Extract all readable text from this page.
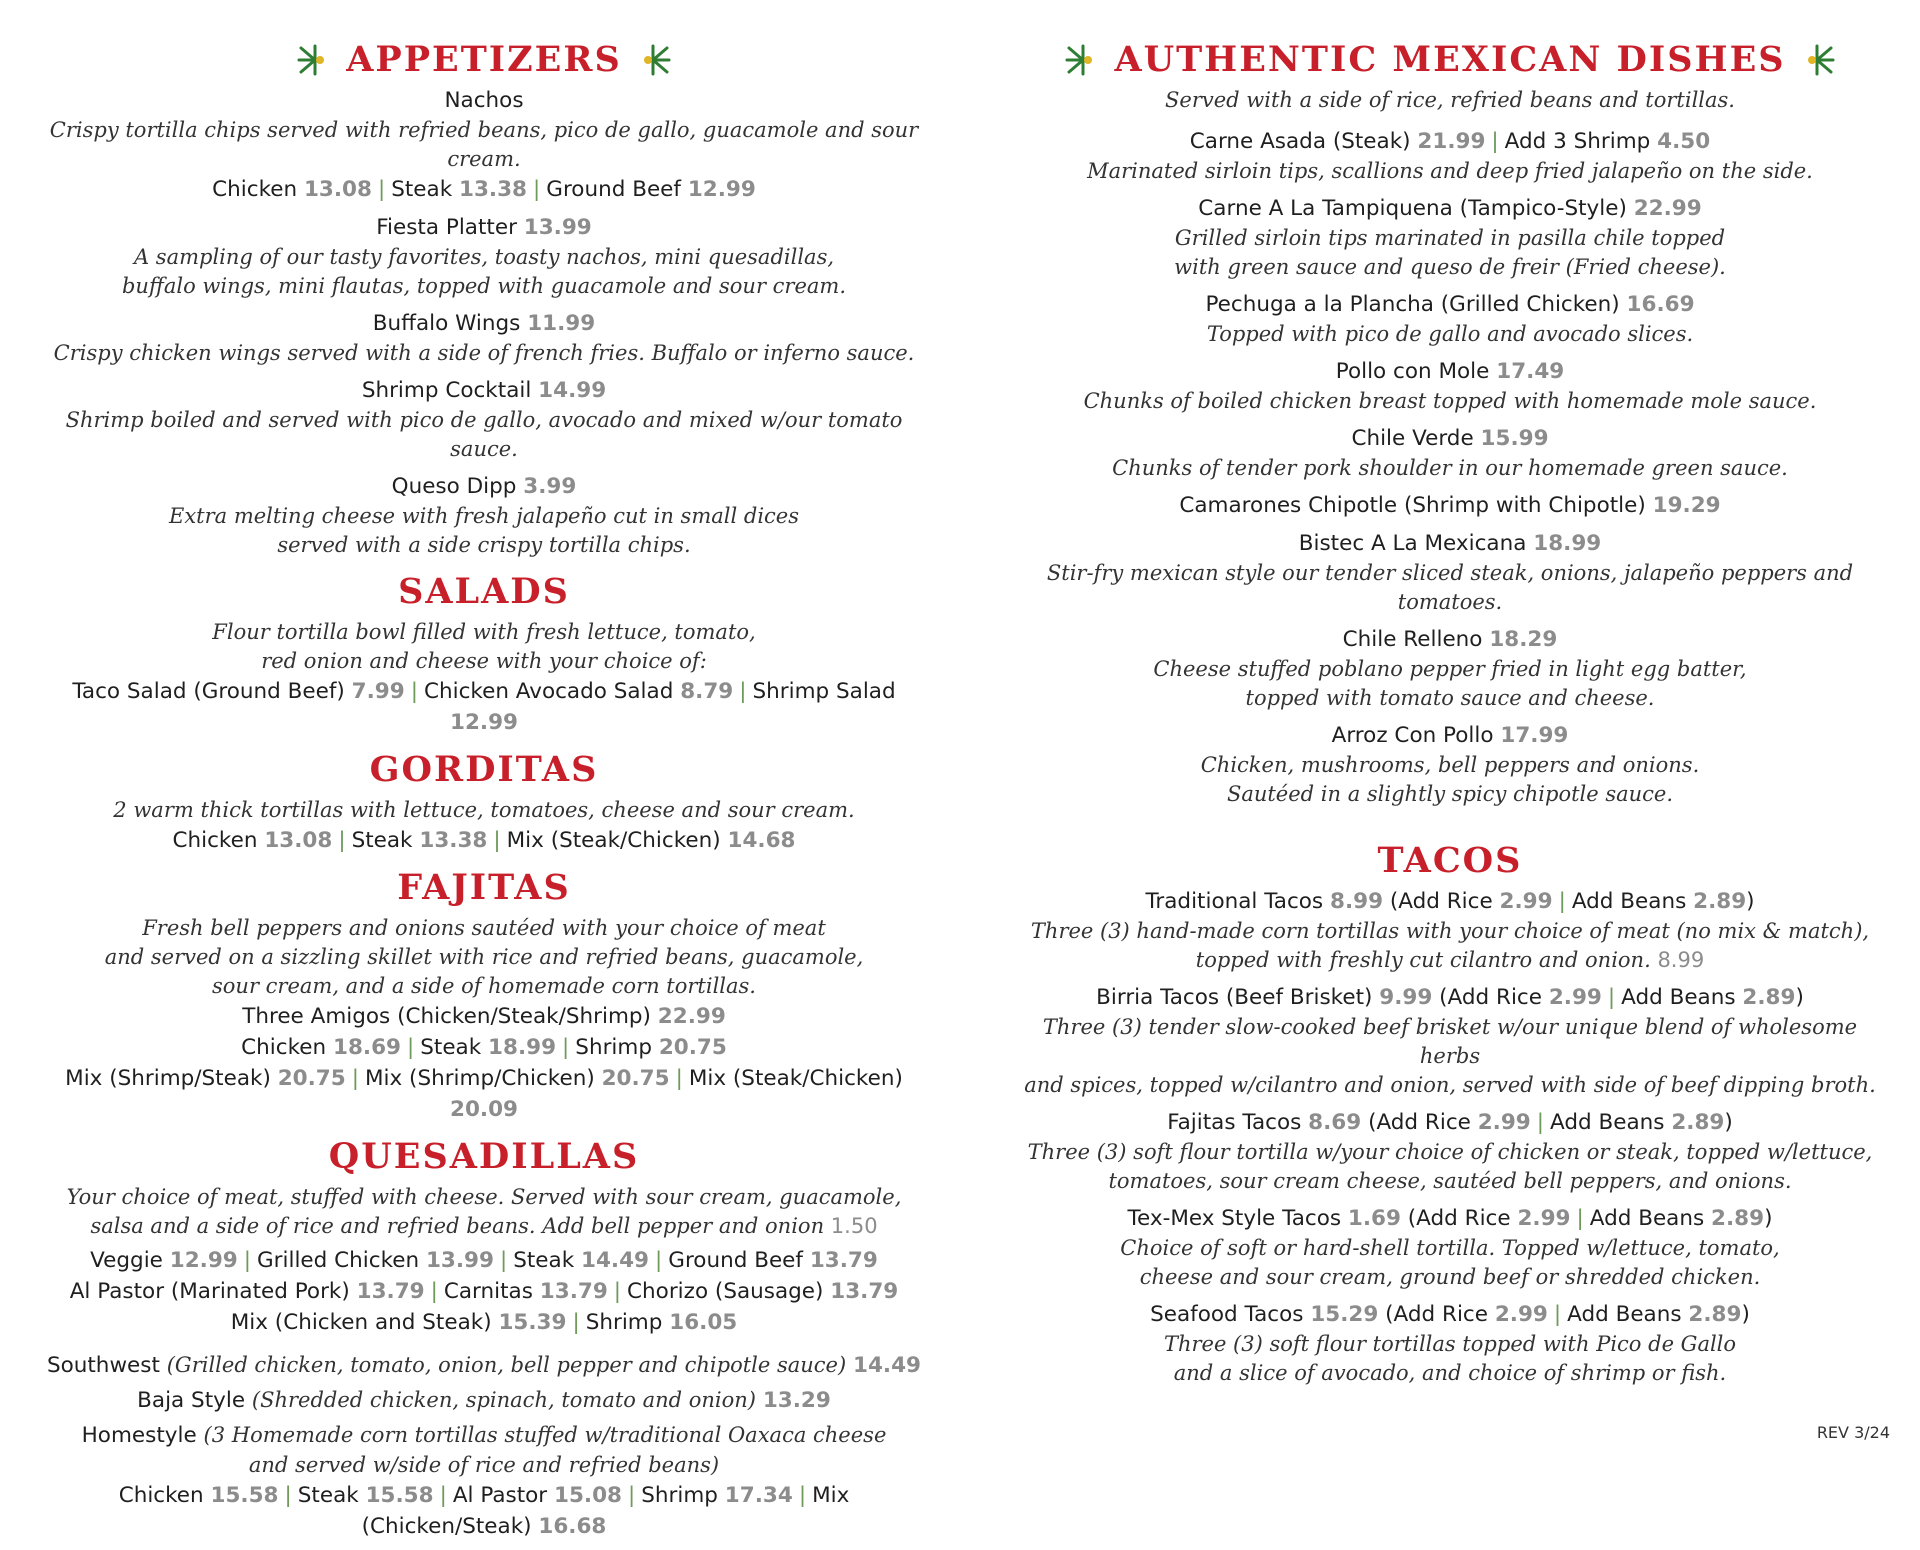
APPETIZERS
Nachos
Crispy tortilla chips served with refried beans, pico de gallo, guacamole and sour cream.
Chicken 13.08 | Steak 13.38 | Ground Beef 12.99
Fiesta Platter 13.99
A sampling of our tasty favorites, toasty nachos, mini quesadillas,
buffalo wings, mini flautas, topped with guacamole and sour cream.
Buffalo Wings 11.99
Crispy chicken wings served with a side of french fries. Buffalo or inferno sauce.
Shrimp Cocktail 14.99
Shrimp boiled and served with pico de gallo, avocado and mixed w/our tomato sauce.
Queso Dipp 3.99
Extra melting cheese with fresh jalapeño cut in small dices
served with a side crispy tortilla chips.
SALADS
Flour tortilla bowl filled with fresh lettuce, tomato,
red onion and cheese with your choice of:
Taco Salad (Ground Beef) 7.99 | Chicken Avocado Salad 8.79 | Shrimp Salad 12.99
GORDITAS
2 warm thick tortillas with lettuce, tomatoes, cheese and sour cream.
Chicken 13.08 | Steak 13.38 | Mix (Steak/Chicken) 14.68
FAJITAS
Fresh bell peppers and onions sautéed with your choice of meat
and served on a sizzling skillet with rice and refried beans, guacamole,
sour cream, and a side of homemade corn tortillas.
Three Amigos (Chicken/Steak/Shrimp) 22.99
Chicken 18.69 | Steak 18.99 | Shrimp 20.75
Mix (Shrimp/Steak) 20.75 | Mix (Shrimp/Chicken) 20.75 | Mix (Steak/Chicken) 20.09
QUESADILLAS
Your choice of meat, stuffed with cheese. Served with sour cream, guacamole,
salsa and a side of rice and refried beans. Add bell pepper and onion 1.50
Veggie 12.99 | Grilled Chicken 13.99 | Steak 14.49 | Ground Beef 13.79
Al Pastor (Marinated Pork) 13.79 | Carnitas 13.79 | Chorizo (Sausage) 13.79
Mix (Chicken and Steak) 15.39 | Shrimp 16.05
Southwest (Grilled chicken, tomato, onion, bell pepper and chipotle sauce) 14.49
Baja Style (Shredded chicken, spinach, tomato and onion) 13.29
Homestyle (3 Homemade corn tortillas stuffed w/traditional Oaxaca cheese
and served w/side of rice and refried beans)
Chicken 15.58 | Steak 15.58 | Al Pastor 15.08 | Shrimp 17.34 | Mix (Chicken/Steak) 16.68
AUTHENTIC MEXICAN DISHES
Served with a side of rice, refried beans and tortillas.
Carne Asada (Steak) 21.99 | Add 3 Shrimp 4.50
Marinated sirloin tips, scallions and deep fried jalapeño on the side.
Carne A La Tampiquena (Tampico-Style) 22.99
Grilled sirloin tips marinated in pasilla chile topped
with green sauce and queso de freir (Fried cheese).
Pechuga a la Plancha (Grilled Chicken) 16.69
Topped with pico de gallo and avocado slices.
Pollo con Mole 17.49
Chunks of boiled chicken breast topped with homemade mole sauce.
Chile Verde 15.99
Chunks of tender pork shoulder in our homemade green sauce.
Camarones Chipotle (Shrimp with Chipotle) 19.29
Bistec A La Mexicana 18.99
Stir-fry mexican style our tender sliced steak, onions, jalapeño peppers and tomatoes.
Chile Relleno 18.29
Cheese stuffed poblano pepper fried in light egg batter,
topped with tomato sauce and cheese.
Arroz Con Pollo 17.99
Chicken, mushrooms, bell peppers and onions.
Sautéed in a slightly spicy chipotle sauce.
TACOS
Traditional Tacos 8.99 (Add Rice 2.99 | Add Beans 2.89)
Three (3) hand-made corn tortillas with your choice of meat (no mix & match),
topped with freshly cut cilantro and onion. 8.99
Birria Tacos (Beef Brisket) 9.99 (Add Rice 2.99 | Add Beans 2.89)
Three (3) tender slow-cooked beef brisket w/our unique blend of wholesome herbs
and spices, topped w/cilantro and onion, served with side of beef dipping broth.
Fajitas Tacos 8.69 (Add Rice 2.99 | Add Beans 2.89)
Three (3) soft flour tortilla w/your choice of chicken or steak, topped w/lettuce,
tomatoes, sour cream cheese, sautéed bell peppers, and onions.
Tex-Mex Style Tacos 1.69 (Add Rice 2.99 | Add Beans 2.89)
Choice of soft or hard-shell tortilla. Topped w/lettuce, tomato,
cheese and sour cream, ground beef or shredded chicken.
Seafood Tacos 15.29 (Add Rice 2.99 | Add Beans 2.89)
Three (3) soft flour tortillas topped with Pico de Gallo
and a slice of avocado, and choice of shrimp or fish.
REV 3/24
